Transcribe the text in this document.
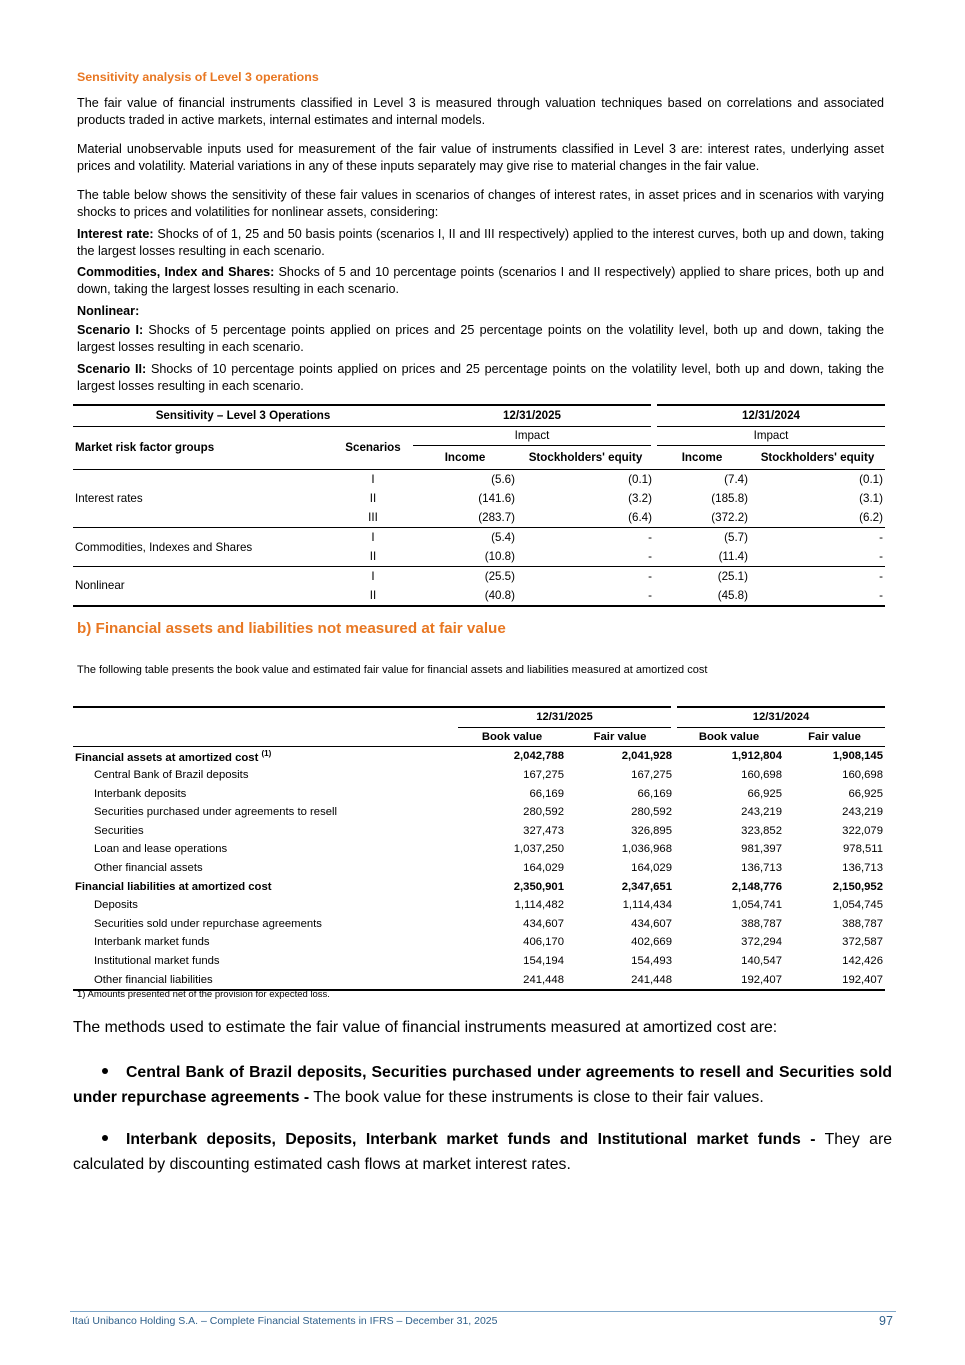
Sensitivity analysis of Level 3 operations

The fair value of financial instruments classified in Level 3 is measured through valuation techniques based on correlations and associated products traded in active markets, internal estimates and internal models.

Material unobservable inputs used for measurement of the fair value of instruments classified in Level 3 are: interest rates, underlying asset prices and volatility. Material variations in any of these inputs separately may give rise to material changes in the fair value.

The table below shows the sensitivity of these fair values in scenarios of changes of interest rates, in asset prices and in scenarios with varying shocks to prices and volatilities for nonlinear assets, considering:

Interest rate: Shocks of of 1, 25 and 50 basis points (scenarios I, II and III respectively) applied to the interest curves, both up and down, taking the largest losses resulting in each scenario.

Commodities, Index and Shares: Shocks of 5 and 10 percentage points (scenarios I and II respectively) applied to share prices, both up and down, taking the largest losses resulting in each scenario.

Nonlinear:

Scenario I: Shocks of 5 percentage points applied on prices and 25 percentage points on the volatility level, both up and down, taking the largest losses resulting in each scenario.

Scenario II: Shocks of 10 percentage points applied on prices and 25 percentage points on the volatility level, both up and down, taking the largest losses resulting in each scenario.

Sensitivity – Level 3 Operations		12/31/2025		12/31/2024	
Market risk factor groups	Scenarios	Impact		Impact	
		Income	Stockholders' equity	Income	Stockholders' equity
Interest rates	I	(5.6)	(0.1)	(7.4)	(0.1)
	II	(141.6)	(3.2)	(185.8)	(3.1)
	III	(283.7)	(6.4)	(372.2)	(6.2)
Commodities, Indexes and Shares	I	(5.4)	-	(5.7)	-
	II	(10.8)	-	(11.4)	-
Nonlinear	I	(25.5)	-	(25.1)	-
	II	(40.8)	-	(45.8)	-
b) Financial assets and liabilities not measured at fair value
The following table presents the book value and estimated fair value for financial assets and liabilities measured at amortized cost
	12/31/2025		12/31/2024	
	Book value	Fair value	Book value	Fair value
Financial assets at amortized cost $^{(1)}$	2,042,788	2,041,928	1,912,804	1,908,145
Central Bank of Brazil deposits	167,275	167,275	160,698	160,698
Interbank deposits	66,169	66,169	66,925	66,925
Securities purchased under agreements to resell	280,592	280,592	243,219	243,219
Securities	327,473	326,895	323,852	322,079
Loan and lease operations	1,037,250	1,036,968	981,397	978,511
Other financial assets	164,029	164,029	136,713	136,713
Financial liabilities at amortized cost	2,350,901	2,347,651	2,148,776	2,150,952
Deposits	1,114,482	1,114,434	1,054,741	1,054,745
Securities sold under repurchase agreements	434,607	434,607	388,787	388,787
Interbank market funds	406,170	402,669	372,294	372,587
Institutional market funds	154,194	154,493	140,547	142,426
Other financial liabilities	241,448	241,448	192,407	192,407
1) Amounts presented net of the provision for expected loss.
The methods used to estimate the fair value of financial instruments measured at amortized cost are:

Central Bank of Brazil deposits, Securities purchased under agreements to resell and Securities sold under repurchase agreements - The book value for these instruments is close to their fair values.

Interbank deposits, Deposits, Interbank market funds and Institutional market funds - They are calculated by discounting estimated cash flows at market interest rates.

Itaú Unibanco Holding S.A. – Complete Financial Statements in IFRS – December 31, 2025	97
